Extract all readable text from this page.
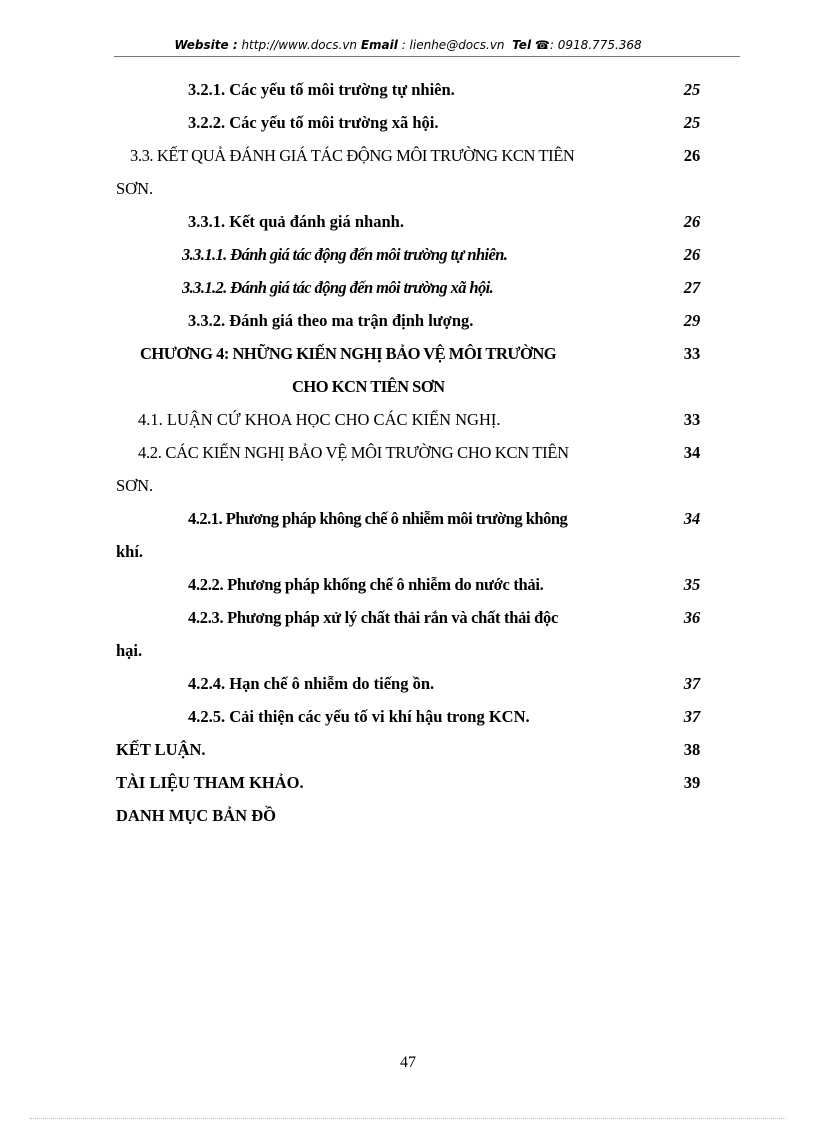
Website : http://www.docs.vn Email : lienhe@docs.vn  Tel ☎: 0918.775.368
3.2.1. Các yếu tố môi trường tự nhiên.	25
3.2.2. Các yếu tố môi trường xã hội.	25
3.3. KẾT QUẢ ĐÁNH GIÁ TÁC ĐỘNG MÔI TRƯỜNG KCN TIÊN	26
SƠN.
3.3.1. Kết quả đánh giá nhanh.	26
3.3.1.1. Đánh giá tác động đến môi trường tự nhiên.	26
3.3.1.2. Đánh giá tác động đến môi trường xã hội.	27
3.3.2. Đánh giá theo ma trận định lượng.	29
CHƯƠNG 4: NHỮNG KIẾN NGHỊ BẢO VỆ MÔI TRƯỜNG	33
CHO KCN TIÊN SƠN
4.1. LUẬN CỨ KHOA HỌC CHO CÁC KIẾN NGHỊ.	33
4.2. CÁC KIẾN NGHỊ BẢO VỆ MÔI TRƯỜNG CHO KCN TIÊN	34
SƠN.
4.2.1. Phương pháp không chế ô nhiễm môi trường không	34
khí.
4.2.2. Phương pháp khống chế ô nhiễm do nước thải.	35
4.2.3. Phương pháp xử lý chất thải rắn và chất thải độc	36
hại.
4.2.4. Hạn chế ô nhiễm do tiếng ồn.	37
4.2.5. Cải thiện các yếu tố vi khí hậu trong KCN.	37
KẾT LUẬN.	38
TÀI LIỆU THAM KHẢO.	39
DANH MỤC BẢN ĐỒ
47
